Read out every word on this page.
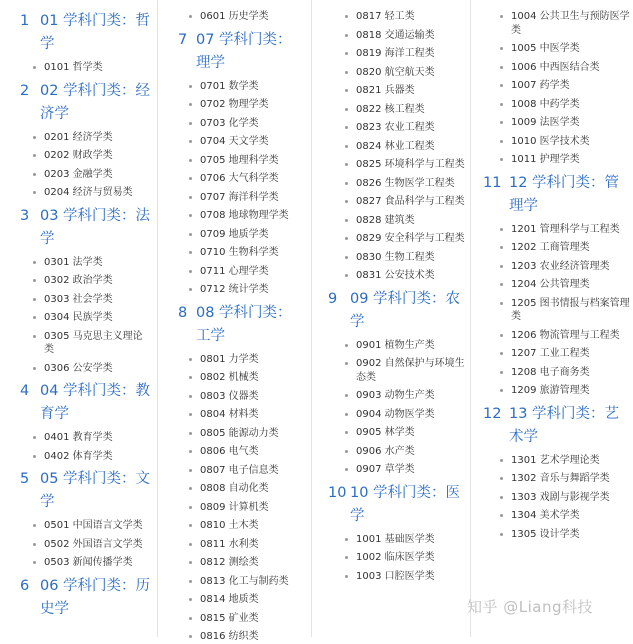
1 01 学科门类：哲学
0101 哲学类
2 02 学科门类：经济学
0201 经济学类
0202 财政学类
0203 金融学类
0204 经济与贸易类
3 03 学科门类：法学
0301 法学类
0302 政治学类
0303 社会学类
0304 民族学类
0305 马克思主义理论类
0306 公安学类
4 04 学科门类：教育学
0401 教育学类
0402 体育学类
5 05 学科门类：文学
0501 中国语言文学类
0502 外国语言文学类
0503 新闻传播学类
6 06 学科门类：历史学
0601 历史学类
7 07 学科门类：理学
0701 数学类
0702 物理学类
0703 化学类
0704 天文学类
0705 地理科学类
0706 大气科学类
0707 海洋科学类
0708 地球物理学类
0709 地质学类
0710 生物科学类
0711 心理学类
0712 统计学类
8 08 学科门类：工学
0801 力学类
0802 机械类
0803 仪器类
0804 材料类
0805 能源动力类
0806 电气类
0807 电子信息类
0808 自动化类
0809 计算机类
0810 土木类
0811 水利类
0812 测绘类
0813 化工与制药类
0814 地质类
0815 矿业类
0816 纺织类
0817 轻工类
0818 交通运输类
0819 海洋工程类
0820 航空航天类
0821 兵器类
0822 核工程类
0823 农业工程类
0824 林业工程类
0825 环境科学与工程类
0826 生物医学工程类
0827 食品科学与工程类
0828 建筑类
0829 安全科学与工程类
0830 生物工程类
0831 公安技术类
9 09 学科门类：农学
0901 植物生产类
0902 自然保护与环境生态类
0903 动物生产类
0904 动物医学类
0905 林学类
0906 水产类
0907 草学类
10 10 学科门类：医学
1001 基础医学类
1002 临床医学类
1003 口腔医学类
1004 公共卫生与预防医学类
1005 中医学类
1006 中西医结合类
1007 药学类
1008 中药学类
1009 法医学类
1010 医学技术类
1011 护理学类
11 12 学科门类：管理学
1201 管理科学与工程类
1202 工商管理类
1203 农业经济管理类
1204 公共管理类
1205 图书情报与档案管理类
1206 物流管理与工程类
1207 工业工程类
1208 电子商务类
1209 旅游管理类
12 13 学科门类：艺术学
1301 艺术学理论类
1302 音乐与舞蹈学类
1303 戏剧与影视学类
1304 美术学类
1305 设计学类
知乎 @Liang科技
